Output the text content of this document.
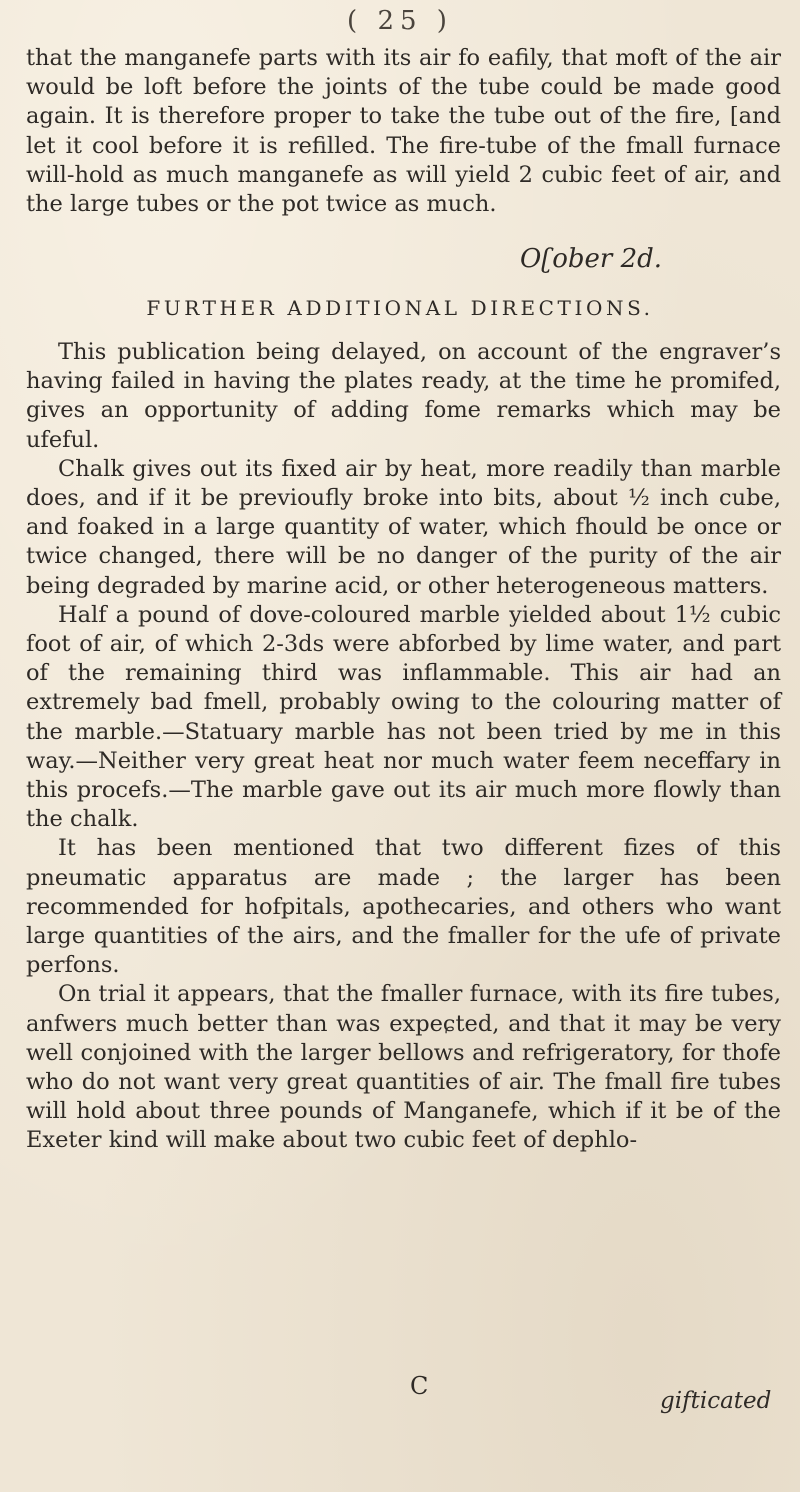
( 25 )

that the manganefe parts with its air fo eafily, that moft of the air would be loft before the joints of the tube could be made good again. It is therefore proper to take the tube out of the fire, [and let it cool before it is refilled. The fire-tube of the fmall furnace will-hold as much manganefe as will yield 2 cubic feet of air, and the large tubes or the pot twice as much.

Oʗober 2d.
FURTHER ADDITIONAL DIRECTIONS.

This publication being delayed, on account of the engraver’s having failed in having the plates ready, at the time he promifed, gives an opportunity of adding fome remarks which may be ufeful.

Chalk gives out its fixed air by heat, more readily than marble does, and if it be previoufly broke into bits, about ½ inch cube, and foaked in a large quantity of water, which fhould be once or twice changed, there will be no danger of the purity of the air being degraded by marine acid, or other heterogeneous matters.

Half a pound of dove-coloured marble yielded about 1½ cubic foot of air, of which 2-3ds were abforbed by lime water, and part of the remaining third was inflammable. This air had an extremely bad fmell, probably owing to the colouring matter of the marble.—Statuary marble has not been tried by me in this way.—Neither very great heat nor much water feem neceffary in this procefs.—The marble gave out its air much more flowly than the chalk.

It has been mentioned that two different fizes of this pneumatic apparatus are made ; the larger has been recommended for hofpitals, apothecaries, and others who want large quantities of the airs, and the fmaller for the ufe of private perfons.

On trial it appears, that the fmaller furnace, with its fire tubes, anfwers much better than was expeɕted, and that it may be very well conjoined with the larger bellows and refrigeratory, for thofe who do not want very great quantities of air. The fmall fire tubes will hold about three pounds of Manganefe, which if it be of the Exeter kind will make about two cubic feet of dephlo-

C
gifticated
